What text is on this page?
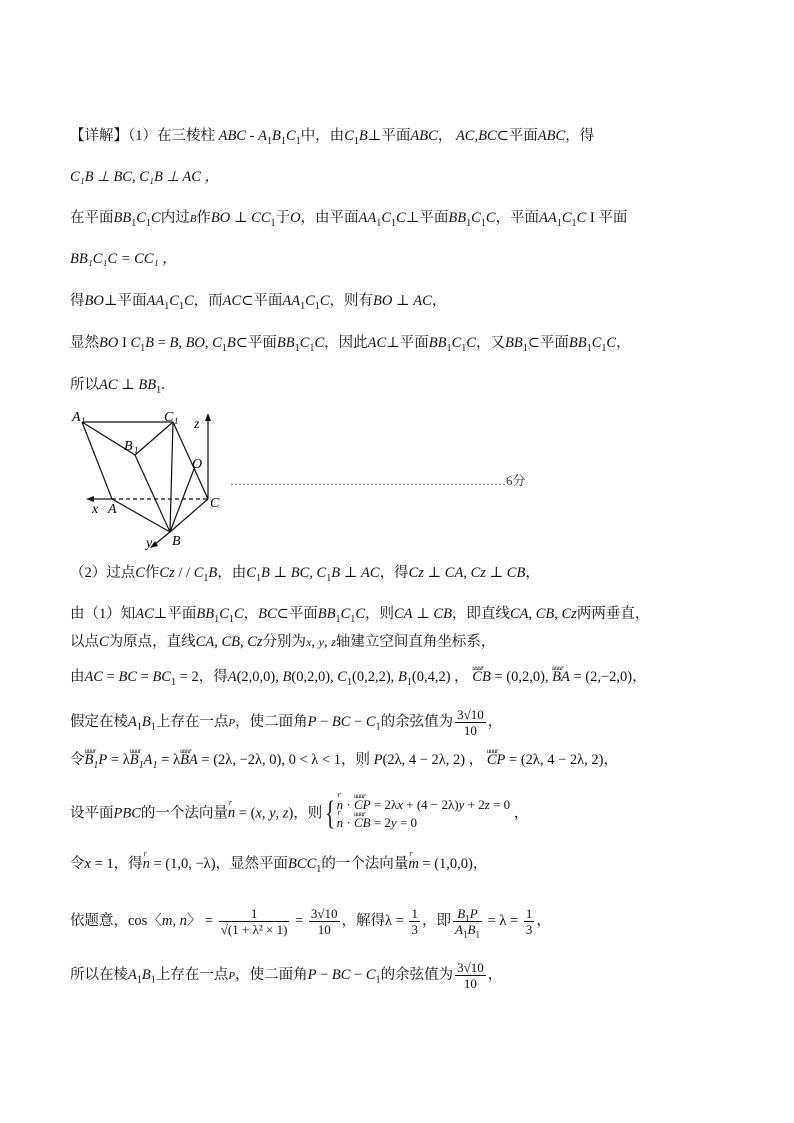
【详解】（1）在三棱柱 ABC - $A_1B_1C_1$中，由$C_1B\perp$平面ABC， AC,BC⊂平面ABC，得
C₁B ⊥ BC, C₁B ⊥ AC ，
在平面$BB_1C_1C$内过B作BO ⊥ $CC_1$于O，由平面$AA_1C_1C\perp$平面$BB_1C_1C$，平面$AA_1C_1C$ I 平面
BB₁C₁C = CC₁ ，
得BO⊥平面$AA_1C_1C$，而AC⊂平面$AA_1C_1C$，则有BO ⊥ AC，
显然BO I $C_1B = B$, BO, $C_1B\subset$平面$BB_1C_1C$，因此AC⊥平面$BB_1C_1C$，又$BB_1\subset$平面$BB_1C_1C$，
所以AC ⊥ $BB_1$.
A 1	C 1
B 1
z
O
C
x A
y B
……………………………………………………………6分
（2）过点C作Cz / / $C_1B$，由$C_1B$ ⊥ BC, $C_1B$ ⊥ AC，得Cz ⊥ CA, Cz ⊥ CB，
由（1）知AC⊥平面$BB_1C_1C$，BC⊂平面$BB_1C_1C$，则CA ⊥ CB，即直线CA, CB, Cz两两垂直，
以点C为原点，直线CA, CB, Cz分别为x, y, z轴建立空间直角坐标系，
由AC = BC = $BC_1 = 2$，得A(2,0,0), B(0,2,0), $C_1(0,2,2)$, $B_1(0,4,2)$ ， uuur CB = (0,2,0), uuur BA = (2,−2,0)，
假定在棱$A_1B_1$上存在一点P，使二面角P − BC − $C_1$的余弦值为 $\frac{3√10}{10}$ ，
令uuur $B_1P$ = λuuur $B_1A_1$ = λuuur BA = (2λ, −2λ, 0), 0 < λ < 1，则 P(2λ, 4 − 2λ, 2) ， uuur CP = (2λ, 4 − 2λ, 2)，
设平面PBC的一个法向量r n = (x, y, z)，则{
r n · uuur CP = 2λx + (4 − 2λ)y + 2z = 0
r n · uuur CB = 2y = 0
，
令x = 1，得r n = (1,0, −λ)，显然平面$BCC_1$的一个法向量r m = (1,0,0)，
依题意，cos〈m, n〉 = $\frac{1}{\text{√(1 + λ² × 1)}} = \frac{3√10}{10}$ ，解得$\lambda = \frac{1}{3}$ ，即 $\frac{B_1P}{A_1B_1} = \lambda = \frac{1}{3}$ ，
所以在棱$A_1B_1$上存在一点P，使二面角P − BC − $C_1$的余弦值为 $\frac{3√10}{10}$ ，
